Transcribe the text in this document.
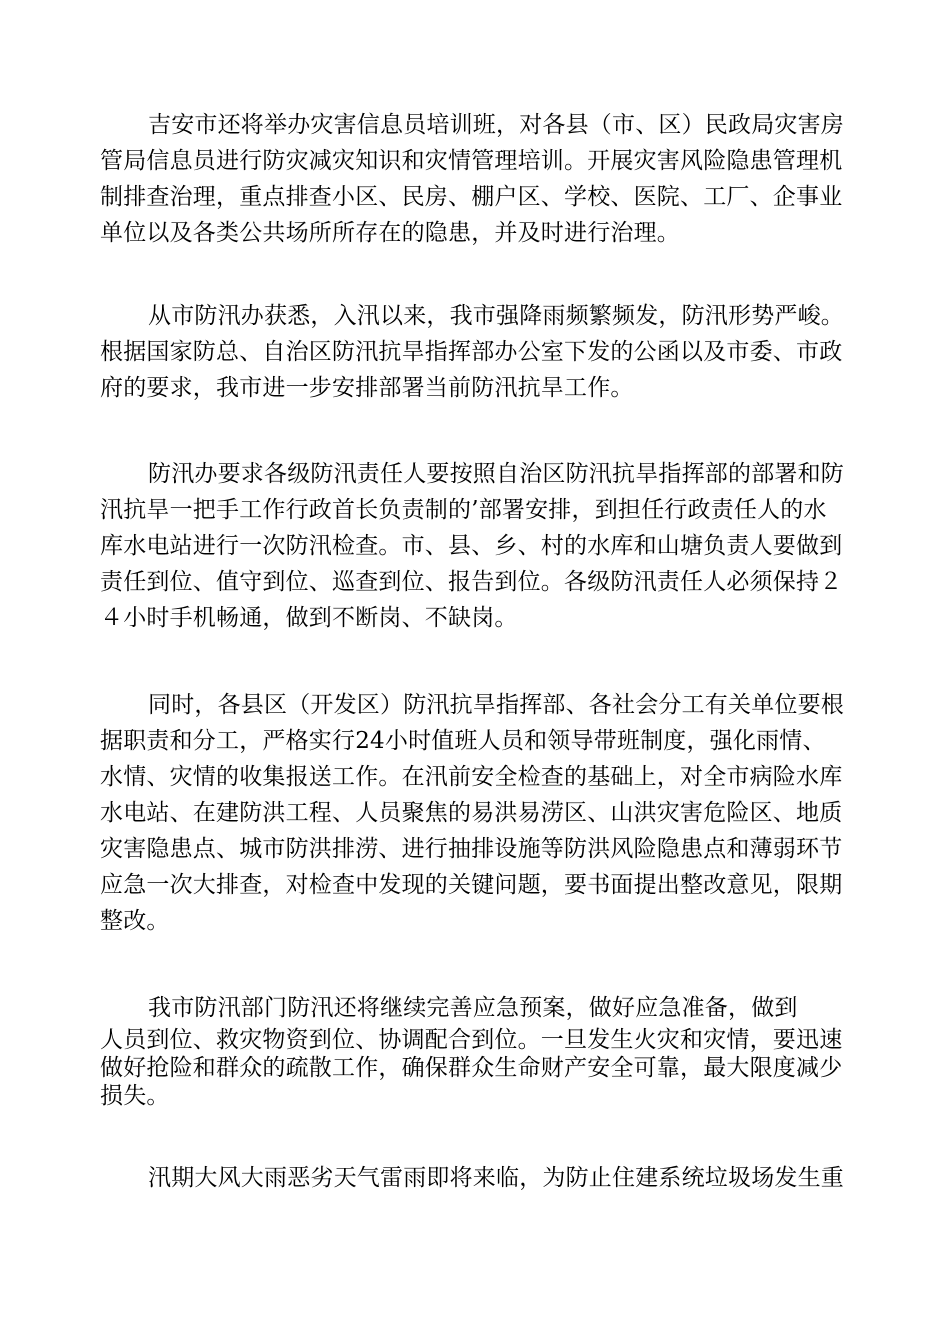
吉安市还将举办灾害信息员培训班，对各县（市、区）民政局灾害房
管局信息员进行防灾减灾知识和灾情管理培训。开展灾害风险隐患管理机
制排查治理，重点排查小区、民房、棚户区、学校、医院、工厂、企事业
单位以及各类公共场所所存在的隐患，并及时进行治理。
从市防汛办获悉，入汛以来，我市强降雨频繁频发，防汛形势严峻。
根据国家防总、自治区防汛抗旱指挥部办公室下发的公函以及市委、市政
府的要求，我市进一步安排部署当前防汛抗旱工作。
防汛办要求各级防汛责任人要按照自治区防汛抗旱指挥部的部署和防
汛抗旱一把手工作行政首长负责制的’部署安排，到担任行政责任人的水
库水电站进行一次防汛检查。市、县、乡、村的水库和山塘负责人要做到
责任到位、值守到位、巡查到位、报告到位。各级防汛责任人必须保持２
４小时手机畅通，做到不断岗、不缺岗。
同时，各县区（开发区）防汛抗旱指挥部、各社会分工有关单位要根
据职责和分工，严格实行24小时值班人员和领导带班制度，强化雨情、
水情、灾情的收集报送工作。在汛前安全检查的基础上，对全市病险水库
水电站、在建防洪工程、人员聚焦的易洪易涝区、山洪灾害危险区、地质
灾害隐患点、城市防洪排涝、进行抽排设施等防洪风险隐患点和薄弱环节
应急一次大排查，对检查中发现的关键问题，要书面提出整改意见，限期
整改。
我市防汛部门防汛还将继续完善应急预案，做好应急准备，做到
人员到位、救灾物资到位、协调配合到位。一旦发生火灾和灾情，要迅速
做好抢险和群众的疏散工作，确保群众生命财产安全可靠，最大限度减少
损失。
汛期大风大雨恶劣天气雷雨即将来临，为防止住建系统垃圾场发生重
